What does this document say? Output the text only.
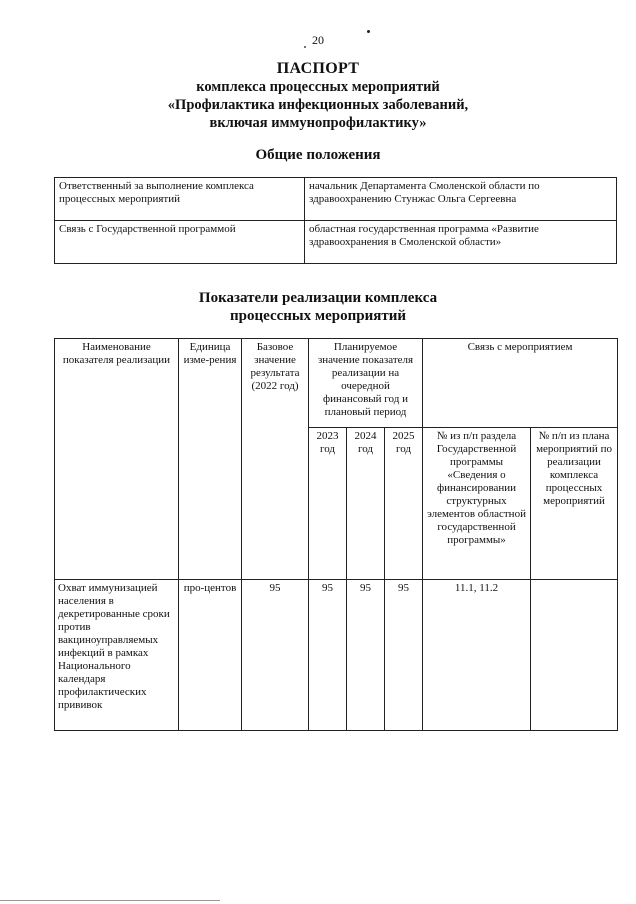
20
ПАСПОРТ
комплекса процессных мероприятий
«Профилактика инфекционных заболеваний,
включая иммунопрофилактику»
Общие положения
Ответственный за выполнение комплекса процессных мероприятий	начальник Департамента Смоленской области по здравоохранению Стунжас Ольга Сергеевна
Связь с Государственной программой	областная государственная программа «Развитие здравоохранения в Смоленской области»
Показатели реализации комплекса
процессных мероприятий
Наименование показателя реализации	Единица изме-рения	Базовое значение результата (2022 год)	Планируемое значение показателя реализации на очередной финансовый год и плановый период			Связь с мероприятием	
			2023 год	2024 год	2025 год	№ из п/п раздела Государственной программы «Сведения о финансировании структурных элементов областной государственной программы»	№ п/п из плана мероприятий по реализации комплекса процессных мероприятий
Охват иммунизацией населения в декретированные сроки против вакциноуправляемых инфекций в рамках Национального календаря профилактических прививок	про-центов	95	95	95	95	11.1, 11.2	
